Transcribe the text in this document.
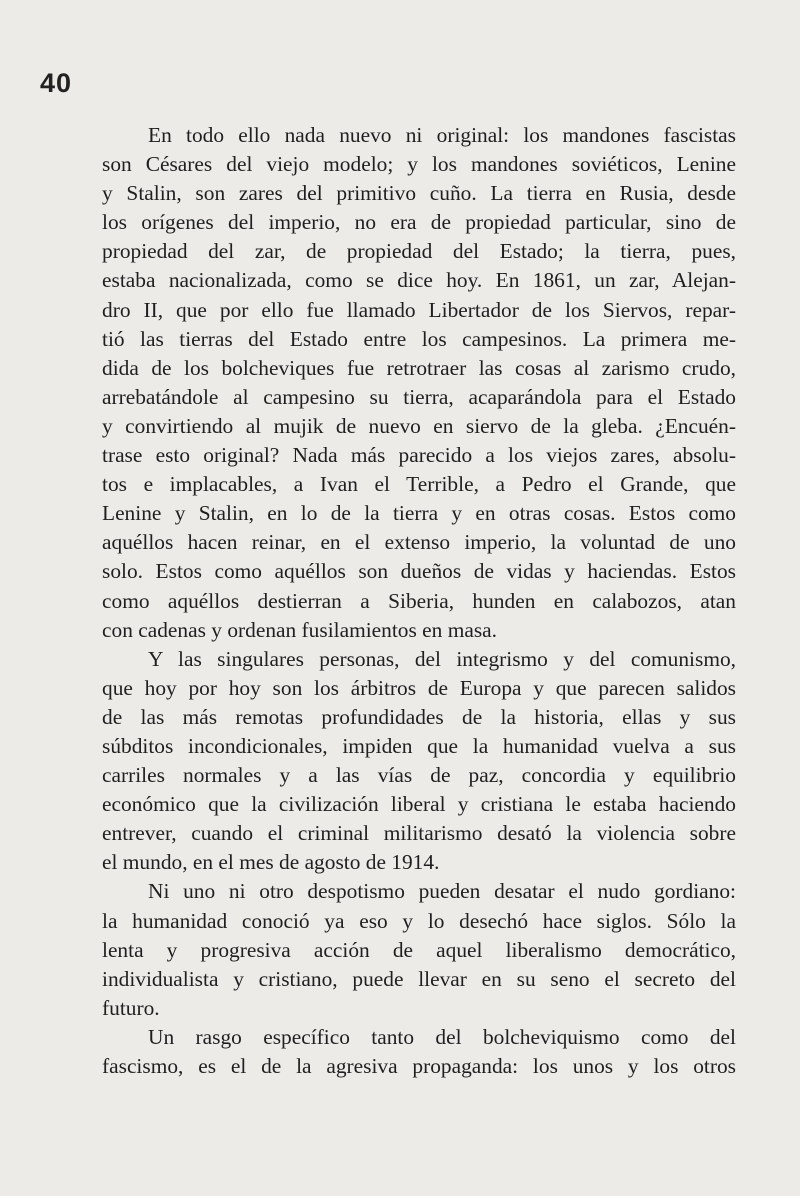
40
En todo ello nada nuevo ni original: los mandones fascistas
son Césares del viejo modelo; y los mandones soviéticos, Lenine
y Stalin, son zares del primitivo cuño. La tierra en Rusia, desde
los orígenes del imperio, no era de propiedad particular, sino de
propiedad del zar, de propiedad del Estado; la tierra, pues,
estaba nacionalizada, como se dice hoy. En 1861, un zar, Alejan-
dro II, que por ello fue llamado Libertador de los Siervos, repar-
tió las tierras del Estado entre los campesinos. La primera me-
dida de los bolcheviques fue retrotraer las cosas al zarismo crudo,
arrebatándole al campesino su tierra, acaparándola para el Estado
y convirtiendo al mujik de nuevo en siervo de la gleba. ¿Encuén-
trase esto original? Nada más parecido a los viejos zares, absolu-
tos e implacables, a Ivan el Terrible, a Pedro el Grande, que
Lenine y Stalin, en lo de la tierra y en otras cosas. Estos como
aquéllos hacen reinar, en el extenso imperio, la voluntad de uno
solo. Estos como aquéllos son dueños de vidas y haciendas. Estos
como aquéllos destierran a Siberia, hunden en calabozos, atan
con cadenas y ordenan fusilamientos en masa.
Y las singulares personas, del integrismo y del comunismo,
que hoy por hoy son los árbitros de Europa y que parecen salidos
de las más remotas profundidades de la historia, ellas y sus
súbditos incondicionales, impiden que la humanidad vuelva a sus
carriles normales y a las vías de paz, concordia y equilibrio
económico que la civilización liberal y cristiana le estaba haciendo
entrever, cuando el criminal militarismo desató la violencia sobre
el mundo, en el mes de agosto de 1914.
Ni uno ni otro despotismo pueden desatar el nudo gordiano:
la humanidad conoció ya eso y lo desechó hace siglos. Sólo la
lenta y progresiva acción de aquel liberalismo democrático,
individualista y cristiano, puede llevar en su seno el secreto del
futuro.
Un rasgo específico tanto del bolcheviquismo como del
fascismo, es el de la agresiva propaganda: los unos y los otros
